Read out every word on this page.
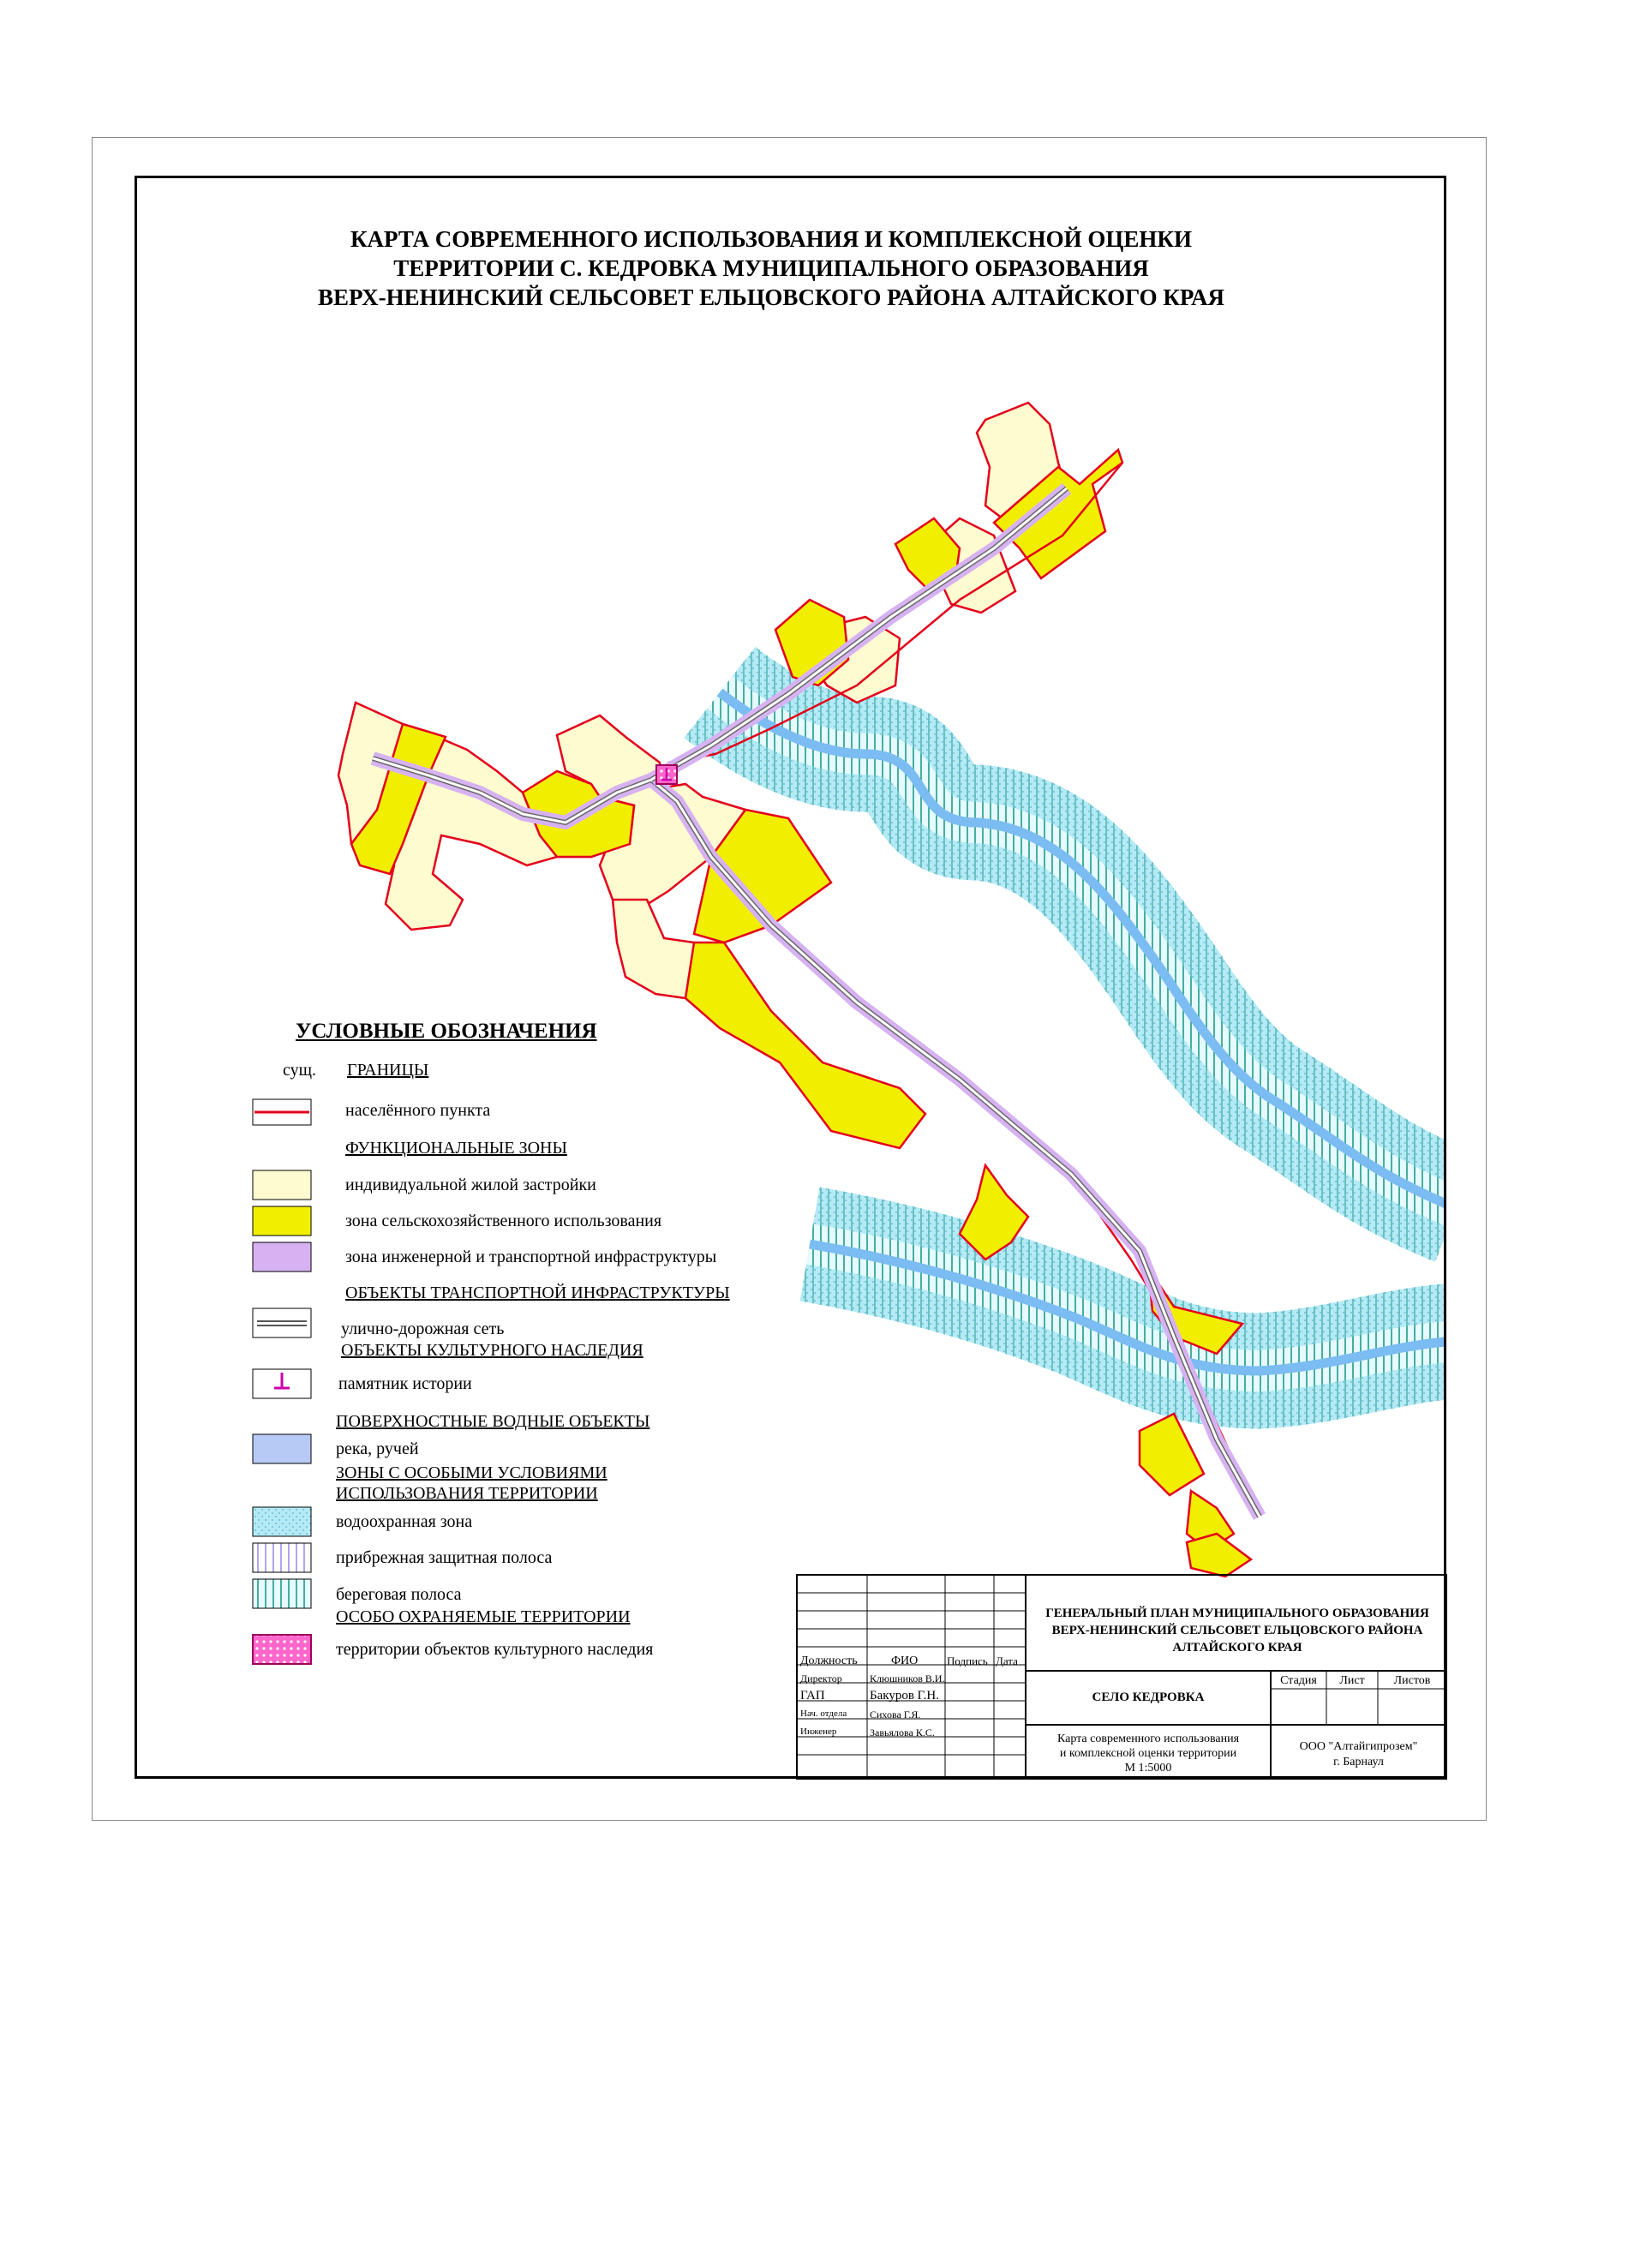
КАРТА СОВРЕМЕННОГО ИСПОЛЬЗОВАНИЯ И КОМПЛЕКСНОЙ ОЦЕНКИ
ТЕРРИТОРИИ С. КЕДРОВКА МУНИЦИПАЛЬНОГО ОБРАЗОВАНИЯ
ВЕРХ-НЕНИНСКИЙ СЕЛЬСОВЕТ ЕЛЬЦОВСКОГО РАЙОНА АЛТАЙСКОГО КРАЯ
УСЛОВНЫЕ ОБОЗНАЧЕНИЯ
сущ. ГРАНИЦЫ
населённого пункта
ФУНКЦИОНАЛЬНЫЕ ЗОНЫ
индивидуальной жилой застройки
зона сельскохозяйственного использования
зона инженерной и транспортной инфраструктуры
ОБЪЕКТЫ ТРАНСПОРТНОЙ ИНФРАСТРУКТУРЫ
улично-дорожная сеть
ОБЪЕКТЫ КУЛЬТУРНОГО НАСЛЕДИЯ
памятник истории
ПОВЕРХНОСТНЫЕ ВОДНЫЕ ОБЪЕКТЫ
река, ручей
ЗОНЫ С ОСОБЫМИ УСЛОВИЯМИ
ИСПОЛЬЗОВАНИЯ ТЕРРИТОРИИ
водоохранная зона
прибрежная защитная полоса
береговая полоса
ОСОБО ОХРАНЯЕМЫЕ ТЕРРИТОРИИ
территории объектов культурного наследия
Должность	ФИО	Подпись Дата
Директор	Клюшников В.И.
ГАП	Бакуров Г.Н.
Нач. отдела Сихова Г.Я.
Инженер	Завьялова К.С.
ГЕНЕРАЛЬНЫЙ ПЛАН МУНИЦИПАЛЬНОГО ОБРАЗОВАНИЯ
ВЕРХ-НЕНИНСКИЙ СЕЛЬСОВЕТ ЕЛЬЦОВСКОГО РАЙОНА
АЛТАЙСКОГО КРАЯ
Стадия	Лист	Листов
СЕЛО КЕДРОВКА
Карта современного использования
и комплексной оценки территории
М 1:5000
ООО "Алтайгипрозем"
г. Барнаул
